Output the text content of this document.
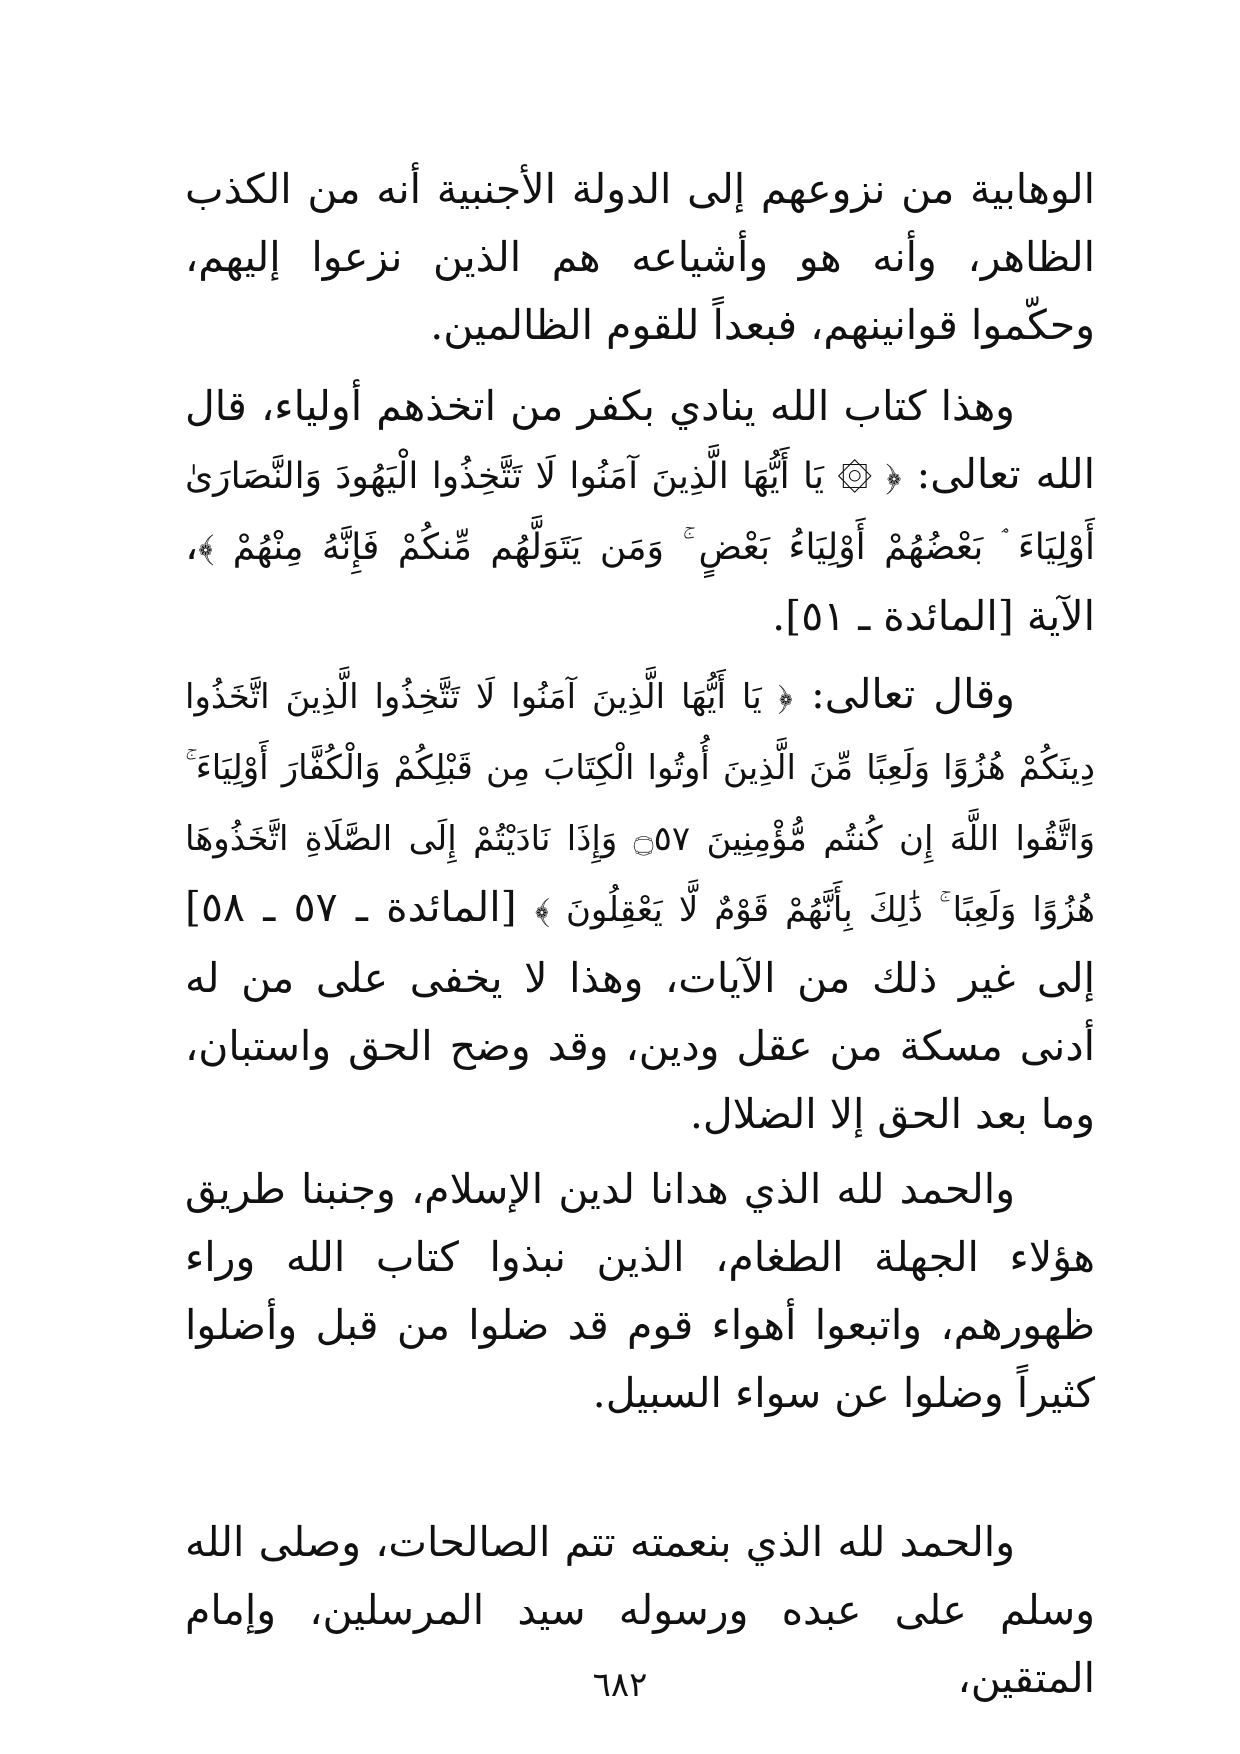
الوهابية من نزوعهم إلى الدولة الأجنبية أنه من الكذب الظاهر، وأنه هو وأشياعه هم الذين نزعوا إليهم، وحكّموا قوانينهم، فبعداً للقوم الظالمين.

وهذا كتاب الله ينادي بكفر من اتخذهم أولياء، قال الله تعالى: ﴿ ۞ يَا أَيُّهَا الَّذِينَ آمَنُوا لَا تَتَّخِذُوا الْيَهُودَ وَالنَّصَارَىٰ أَوْلِيَاءَ ۘ بَعْضُهُمْ أَوْلِيَاءُ بَعْضٍ ۚ وَمَن يَتَوَلَّهُم مِّنكُمْ فَإِنَّهُ مِنْهُمْ ﴾، الآية [المائدة ـ ٥١].

وقال تعالى: ﴿ يَا أَيُّهَا الَّذِينَ آمَنُوا لَا تَتَّخِذُوا الَّذِينَ اتَّخَذُوا دِينَكُمْ هُزُوًا وَلَعِبًا مِّنَ الَّذِينَ أُوتُوا الْكِتَابَ مِن قَبْلِكُمْ وَالْكُفَّارَ أَوْلِيَاءَ ۚ وَاتَّقُوا اللَّهَ إِن كُنتُم مُّؤْمِنِينَ ۝٥٧ وَإِذَا نَادَيْتُمْ إِلَى الصَّلَاةِ اتَّخَذُوهَا هُزُوًا وَلَعِبًا ۚ ذَٰلِكَ بِأَنَّهُمْ قَوْمٌ لَّا يَعْقِلُونَ ﴾ [المائدة ـ ٥٧ ـ ٥٨] إلى غير ذلك من الآيات، وهذا لا يخفى على من له أدنى مسكة من عقل ودين، وقد وضح الحق واستبان، وما بعد الحق إلا الضلال.

والحمد لله الذي هدانا لدين الإسلام، وجنبنا طريق هؤلاء الجهلة الطغام، الذين نبذوا كتاب الله وراء ظهورهم، واتبعوا أهواء قوم قد ضلوا من قبل وأضلوا كثيراً وضلوا عن سواء السبيل.

والحمد لله الذي بنعمته تتم الصالحات، وصلى الله وسلم على عبده ورسوله سيد المرسلين، وإمام المتقين،

٦٨٢
